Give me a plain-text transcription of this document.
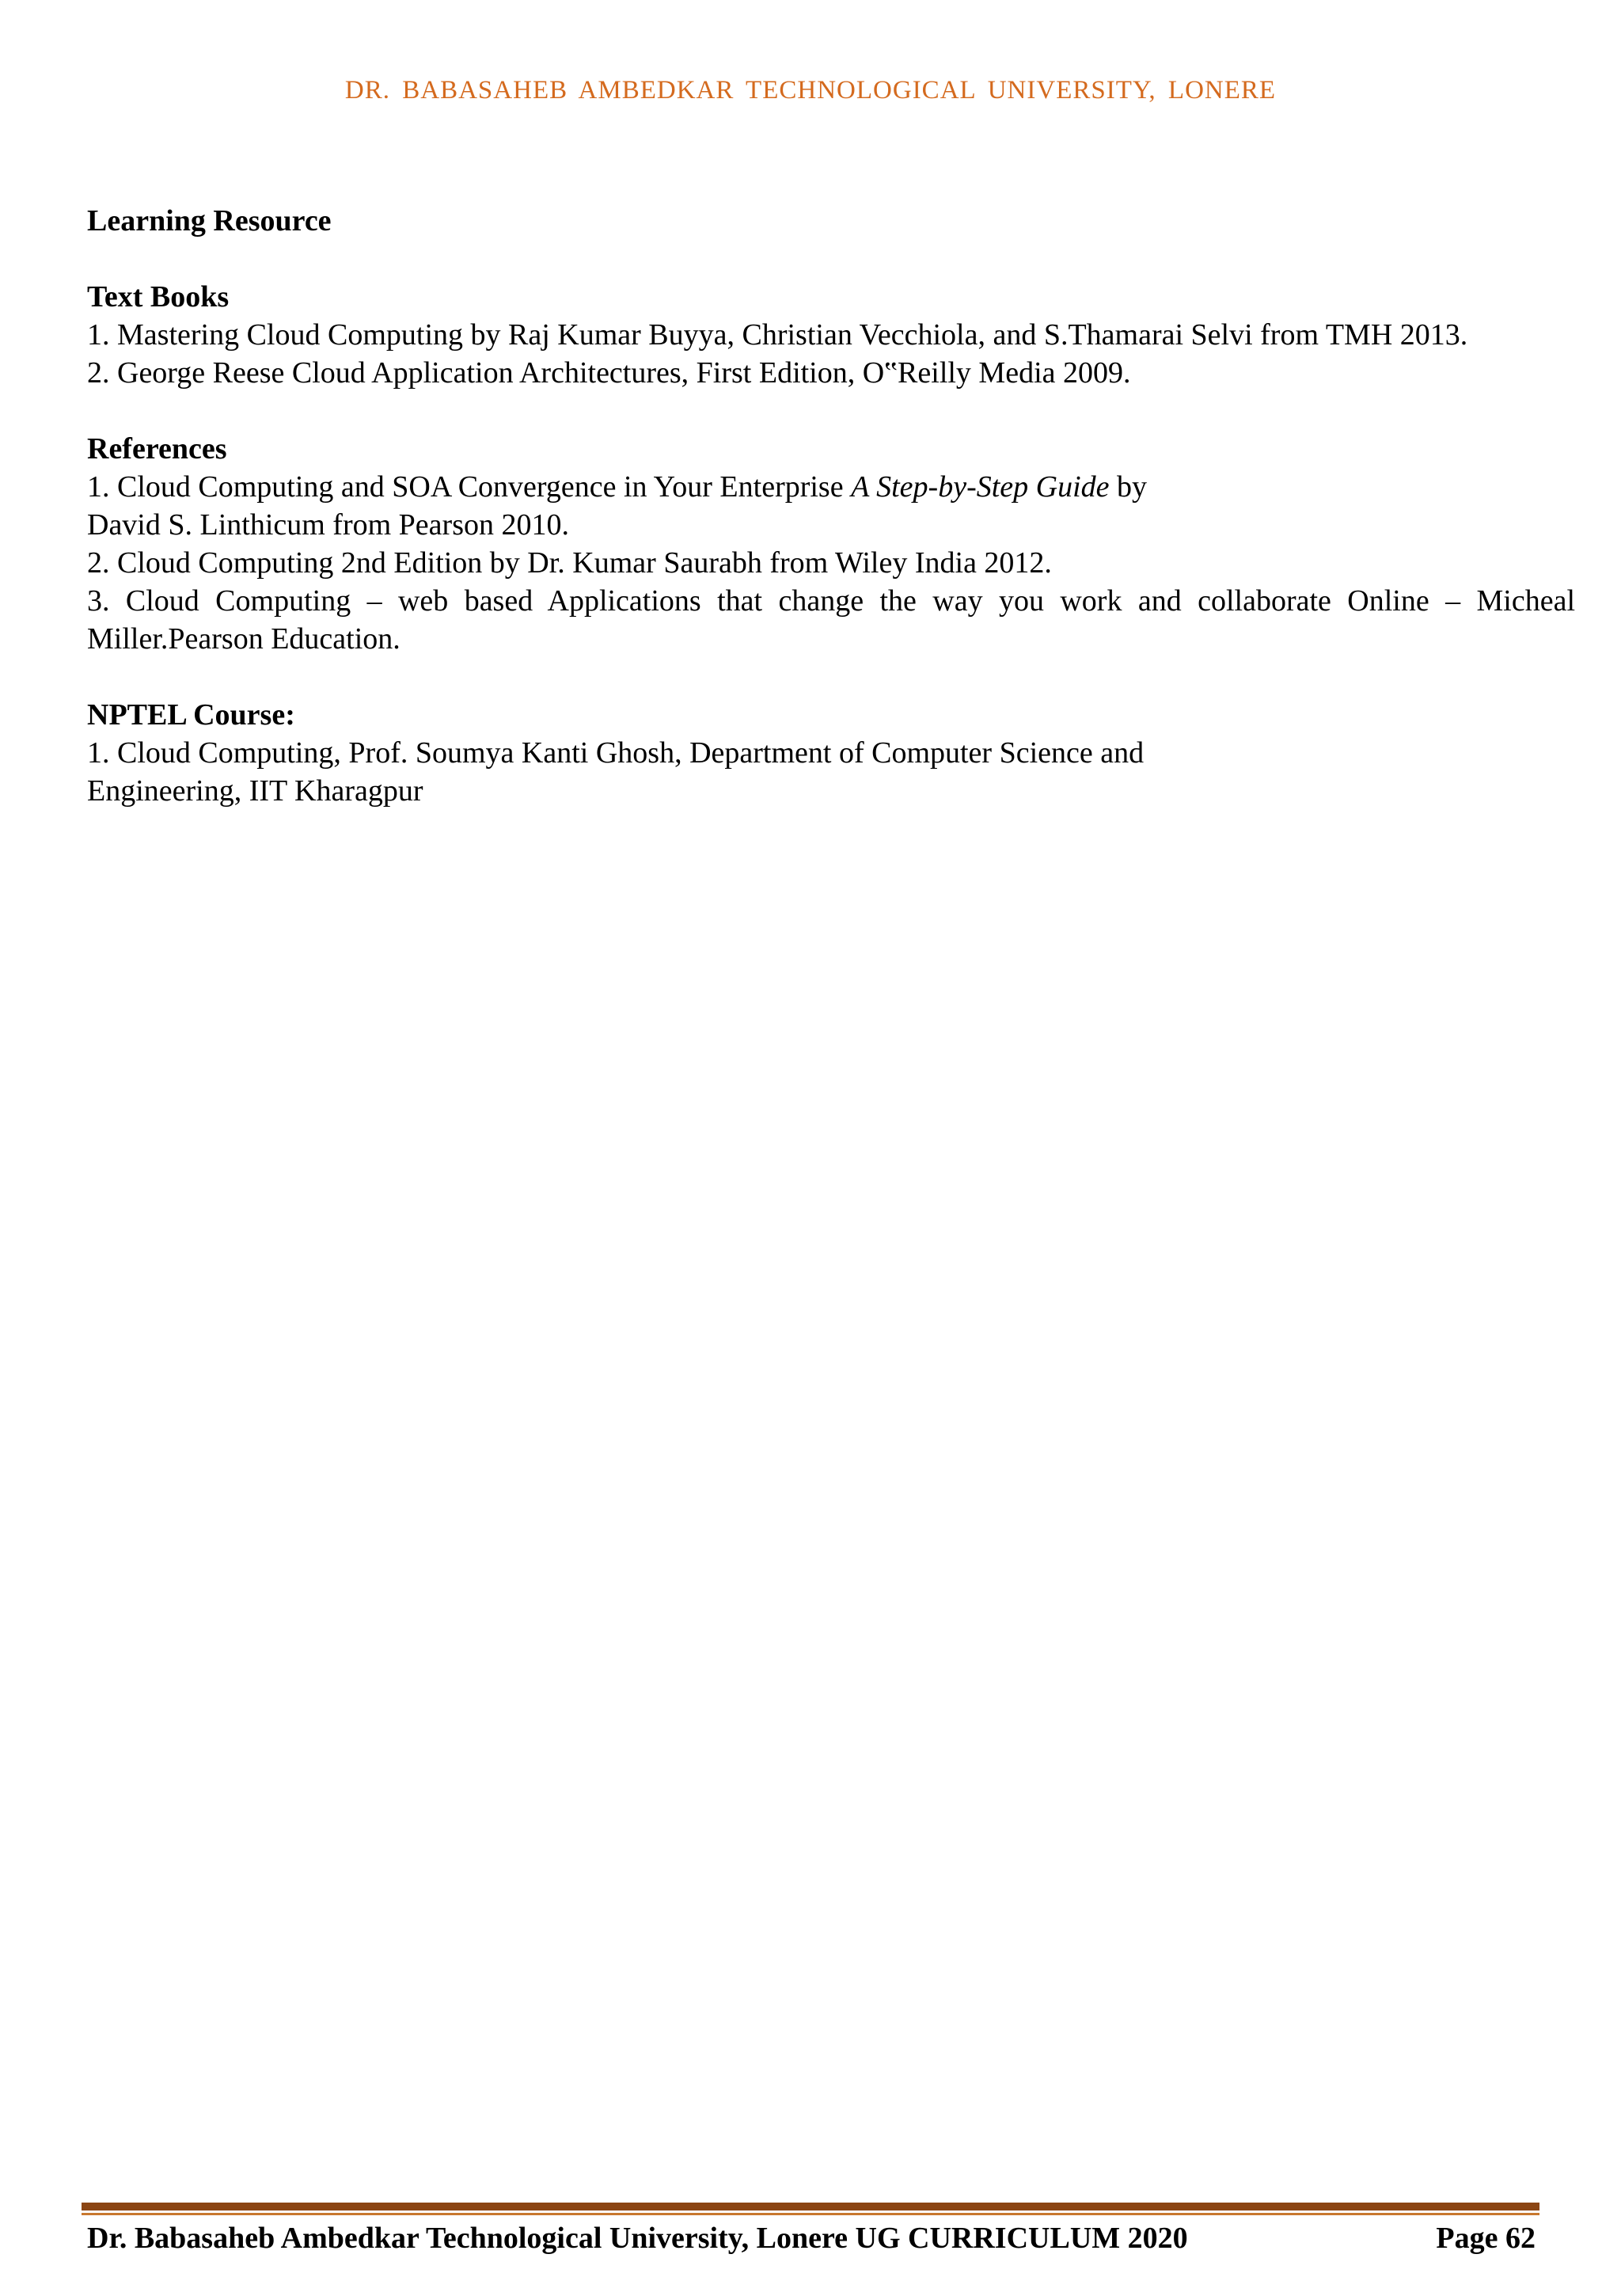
DR. BABASAHEB AMBEDKAR TECHNOLOGICAL UNIVERSITY, LONERE

Learning Resource

Text Books

1. Mastering Cloud Computing by Raj Kumar Buyya, Christian Vecchiola, and S.Thamarai Selvi from TMH 2013.

2. George Reese Cloud Application Architectures, First Edition, O‟Reilly Media 2009.

References

1. Cloud Computing and SOA Convergence in Your Enterprise A Step-by-Step Guide by

David S. Linthicum from Pearson 2010.

2. Cloud Computing 2nd Edition by Dr. Kumar Saurabh from Wiley India 2012.

3. Cloud Computing – web based Applications that change the way you work and collaborate Online – Micheal

Miller.Pearson Education.

NPTEL Course:

1. Cloud Computing, Prof. Soumya Kanti Ghosh, Department of Computer Science and

Engineering, IIT Kharagpur

Dr. Babasaheb Ambedkar Technological University, Lonere UG CURRICULUM 2020	Page 62
